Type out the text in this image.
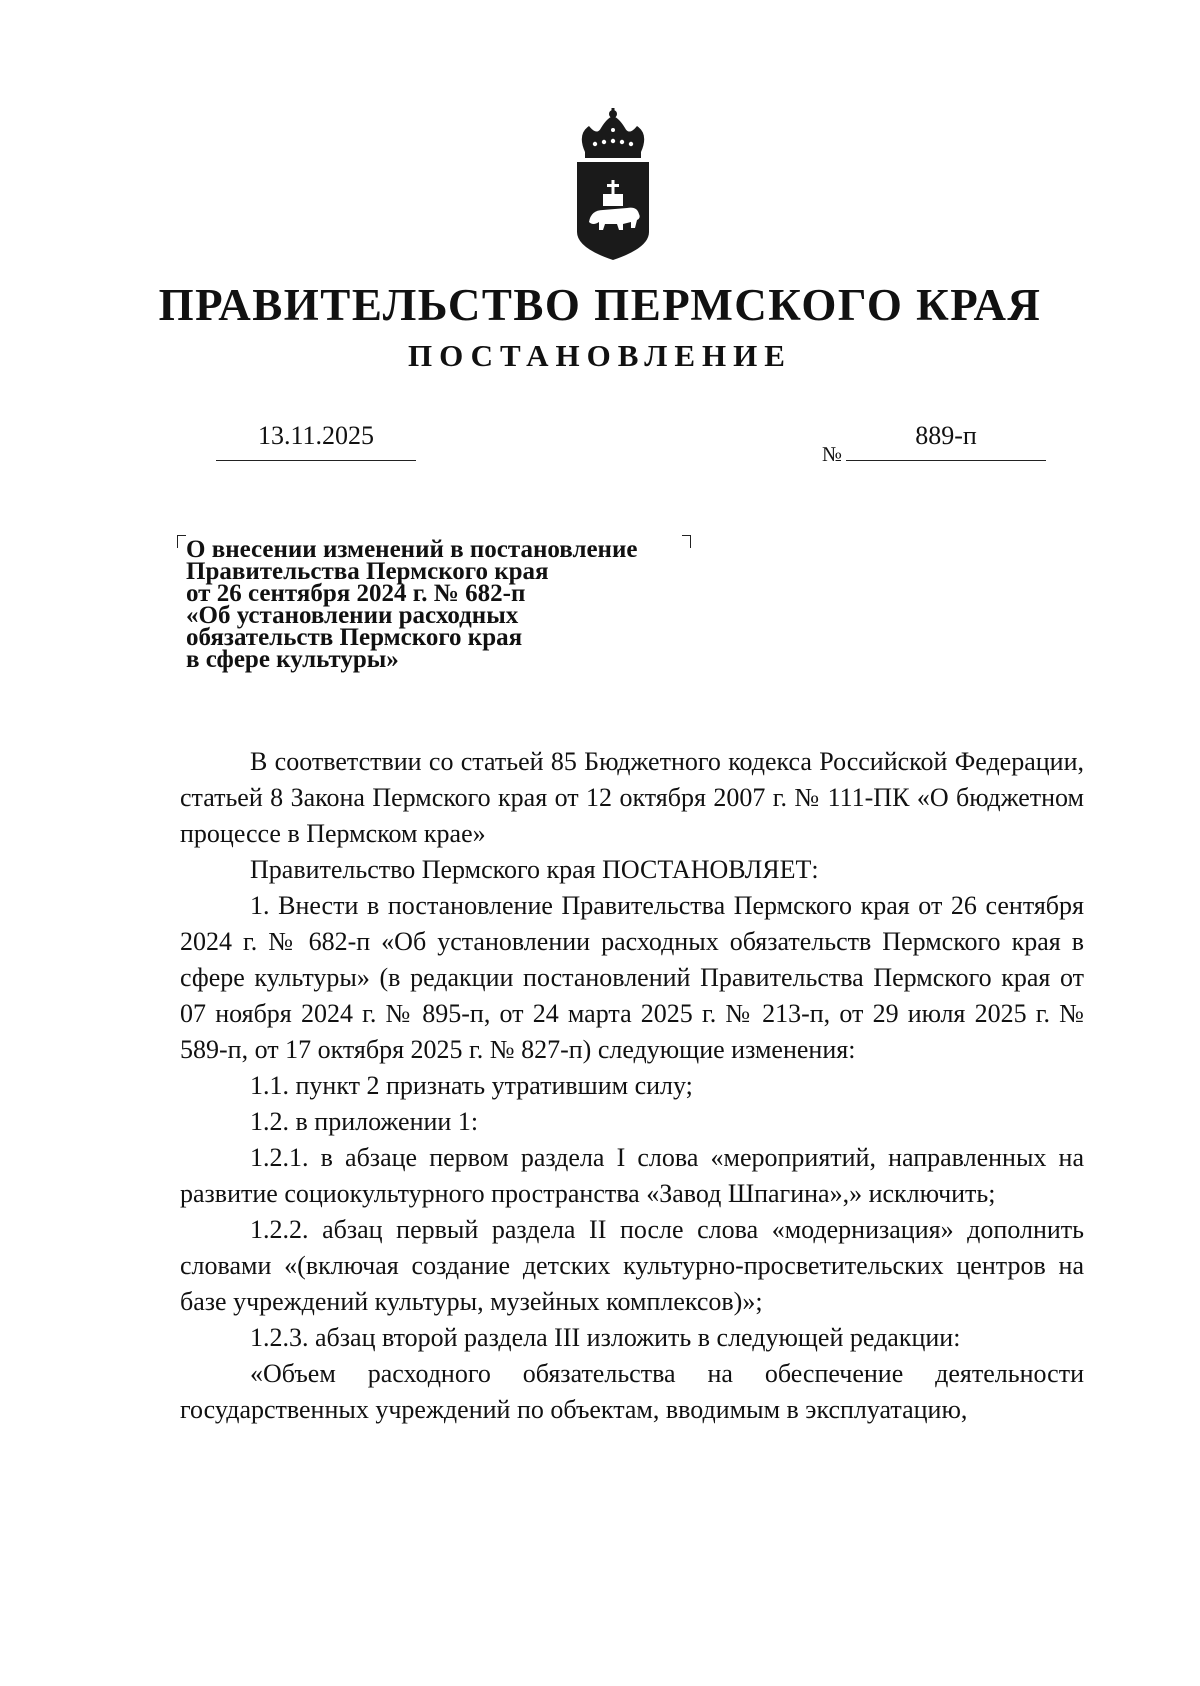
ПРАВИТЕЛЬСТВО ПЕРМСКОГО КРАЯ
ПОСТАНОВЛЕНИЕ
13.11.2025
№
889-п
О внесении изменений в постановление
Правительства Пермского края
от 26 сентября 2024 г. № 682-п
«Об установлении расходных
обязательств Пермского края
в сфере культуры»

В соответствии со статьей 85 Бюджетного кодекса Российской Федерации, статьей 8 Закона Пермского края от 12 октября 2007 г. № 111-ПК «О бюджетном процессе в Пермском крае»

Правительство Пермского края ПОСТАНОВЛЯЕТ:

1. Внести в постановление Правительства Пермского края от 26 сентября 2024 г. № 682-п «Об установлении расходных обязательств Пермского края в сфере культуры» (в редакции постановлений Правительства Пермского края от 07 ноября 2024 г. № 895-п, от 24 марта 2025 г. № 213-п, от 29 июля 2025 г. № 589-п, от 17 октября 2025 г. № 827-п) следующие изменения:

1.1. пункт 2 признать утратившим силу;

1.2. в приложении 1:

1.2.1. в абзаце первом раздела I слова «мероприятий, направленных на развитие социокультурного пространства «Завод Шпагина»,» исключить;

1.2.2. абзац первый раздела II после слова «модернизация» дополнить словами «(включая создание детских культурно-просветительских центров на базе учреждений культуры, музейных комплексов)»;

1.2.3. абзац второй раздела III изложить в следующей редакции:

«Объем расходного обязательства на обеспечение деятельности государственных учреждений по объектам, вводимым в эксплуатацию,
